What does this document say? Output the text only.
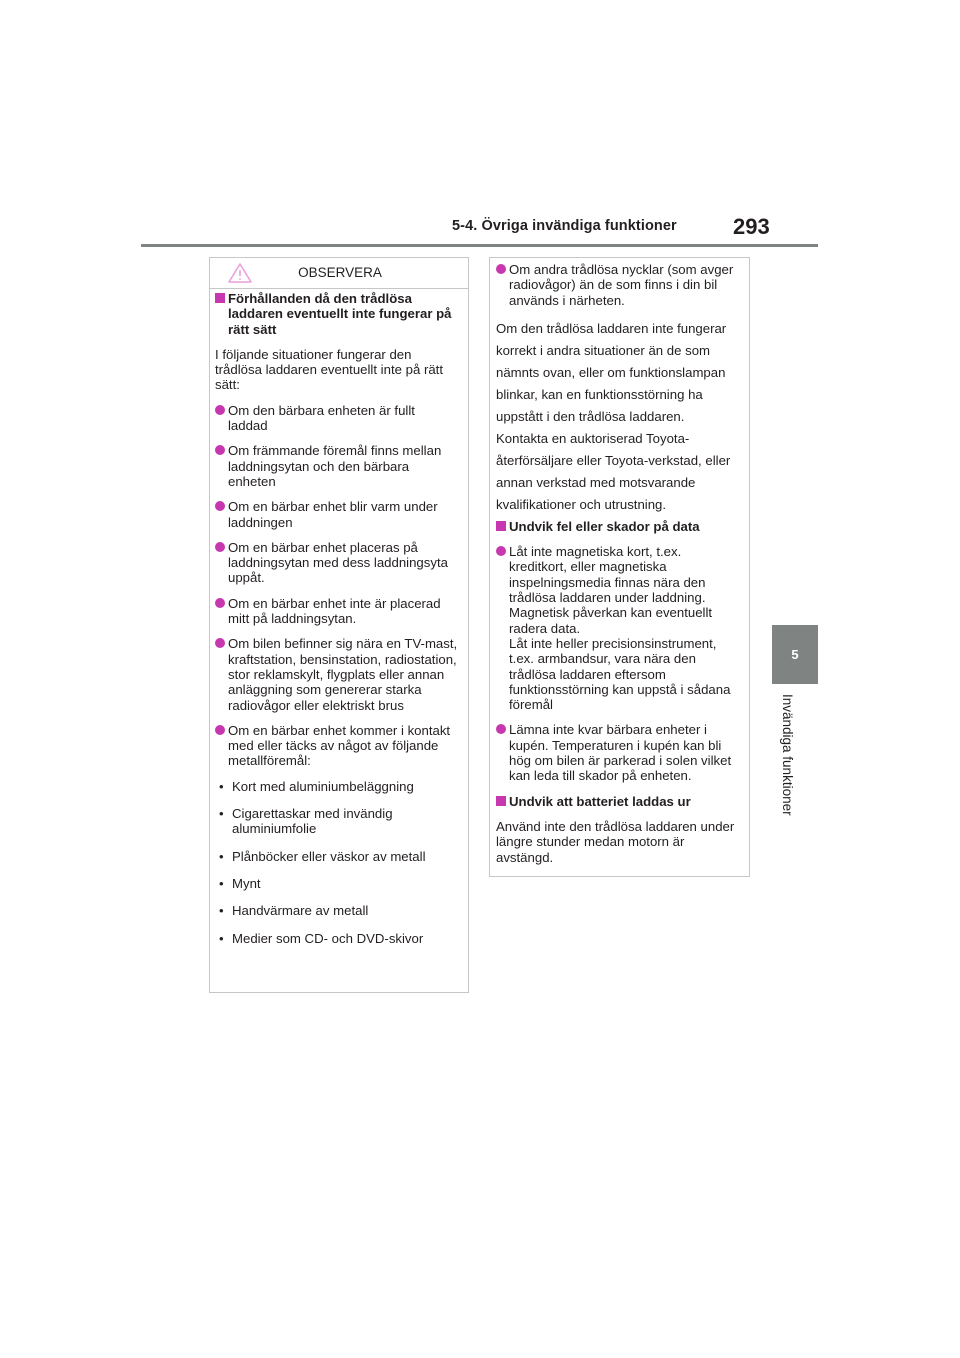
5-4. Övriga invändiga funktioner	293
5
Invändiga funktioner
OBSERVERA
Förhållanden då den trådlösa laddaren eventuellt inte fungerar på rätt sätt
I följande situationer fungerar den trådlösa laddaren eventuellt inte på rätt sätt:
Om den bärbara enheten är fullt laddad
Om främmande föremål finns mellan laddningsytan och den bärbara enheten
Om en bärbar enhet blir varm under laddningen
Om en bärbar enhet placeras på laddningsytan med dess laddningsyta uppåt.
Om en bärbar enhet inte är placerad mitt på laddningsytan.
Om bilen befinner sig nära en TV-mast, kraftstation, bensinstation, radiostation, stor reklamskylt, flygplats eller annan anläggning som genererar starka radiovågor eller elektriskt brus
Om en bärbar enhet kommer i kontakt med eller täcks av något av följande metallföremål:
• Kort med aluminiumbeläggning
• Cigarettaskar med invändig aluminiumfolie
• Plånböcker eller väskor av metall
• Mynt
• Handvärmare av metall
• Medier som CD- och DVD-skivor
Om andra trådlösa nycklar (som avger radiovågor) än de som finns i din bil används i närheten.
Om den trådlösa laddaren inte fungerar korrekt i andra situationer än de som nämnts ovan, eller om funktionslampan blinkar, kan en funktionsstörning ha uppstått i den trådlösa laddaren. Kontakta en auktoriserad Toyota-återförsäljare eller Toyota-verkstad, eller annan verkstad med motsvarande kvalifikationer och utrustning.
Undvik fel eller skador på data
Låt inte magnetiska kort, t.ex. kreditkort, eller magnetiska inspelningsmedia finnas nära den trådlösa laddaren under laddning. Magnetisk påverkan kan eventuellt radera data.
Låt inte heller precisionsinstrument, t.ex. armbandsur, vara nära den trådlösa laddaren eftersom funktionsstörning kan uppstå i sådana föremål
Lämna inte kvar bärbara enheter i kupén. Temperaturen i kupén kan bli hög om bilen är parkerad i solen vilket kan leda till skador på enheten.
Undvik att batteriet laddas ur
Använd inte den trådlösa laddaren under längre stunder medan motorn är avstängd.
